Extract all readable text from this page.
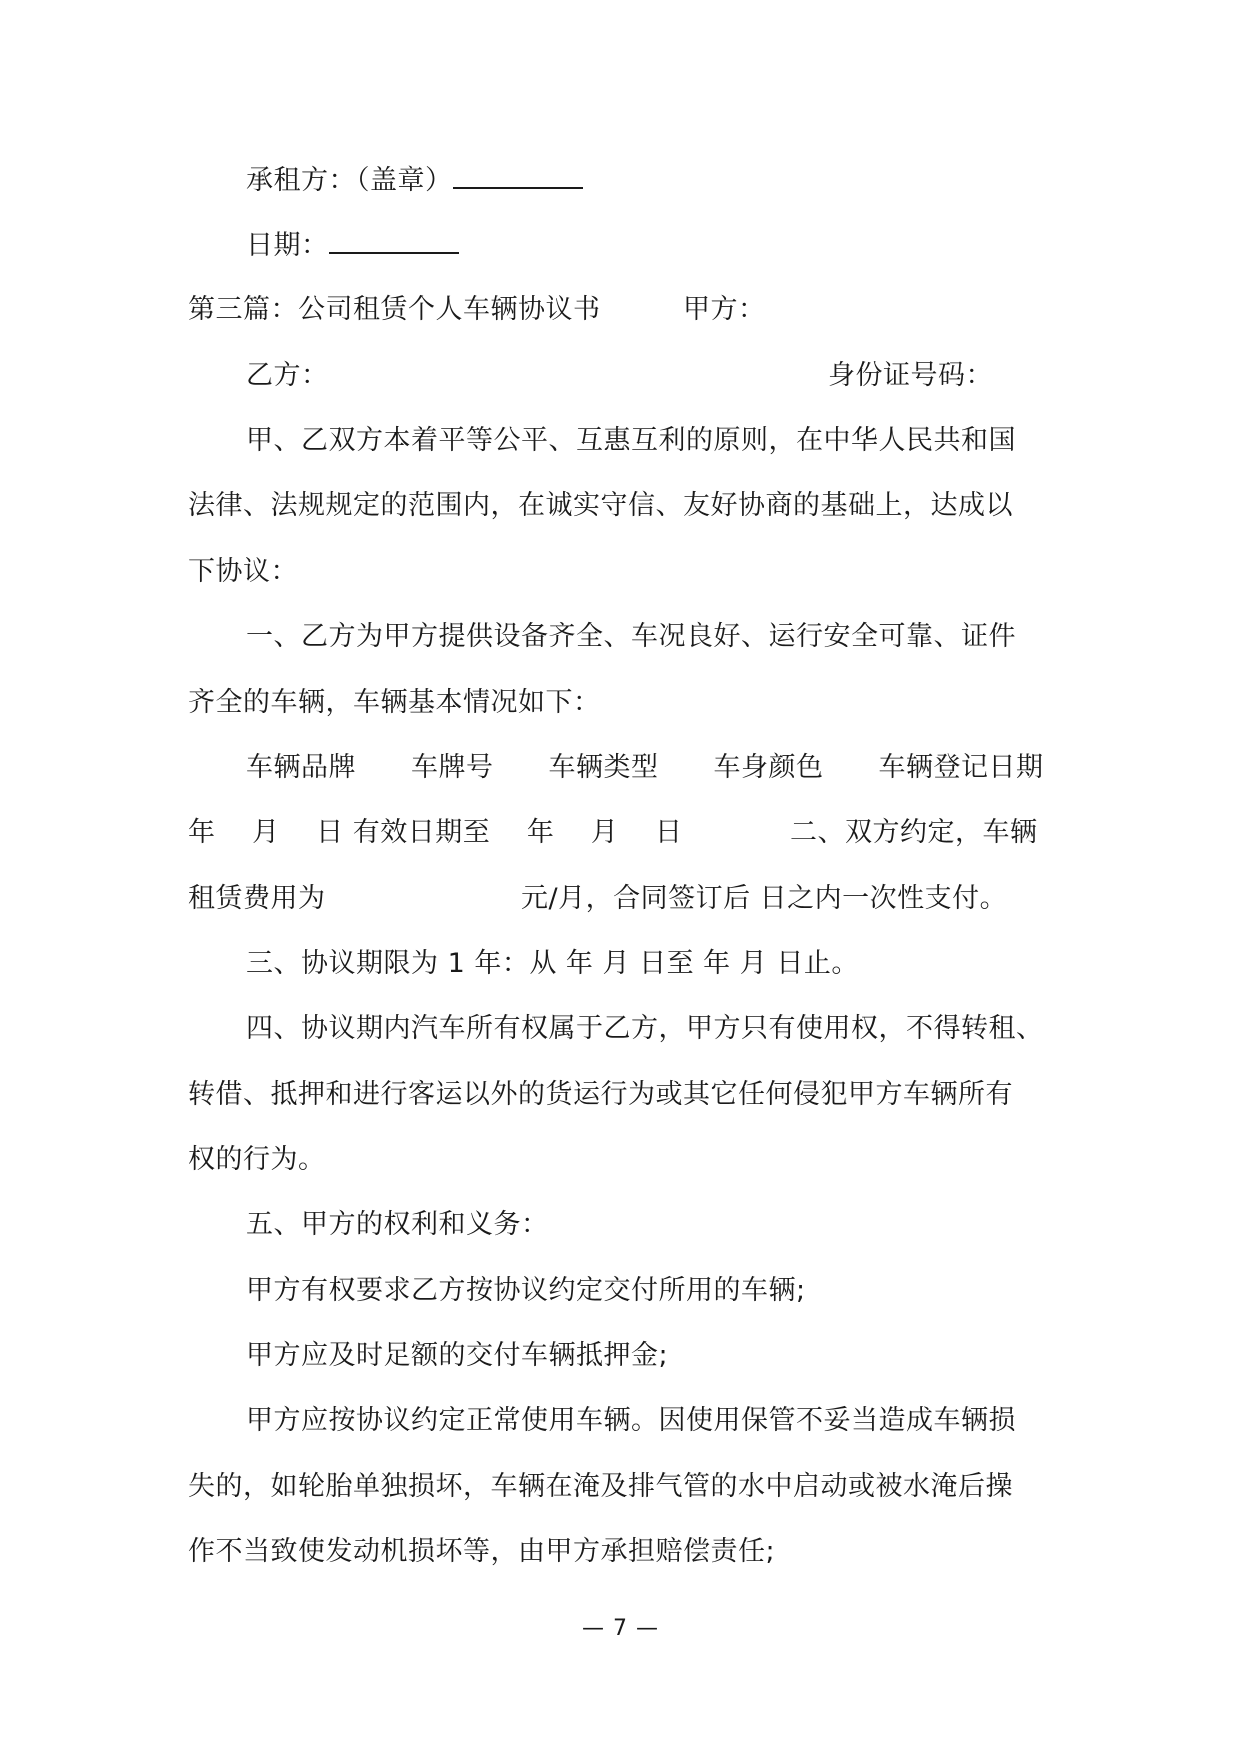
承租方：（盖章）
日期：
第三篇：公司租赁个人车辆协议书	甲方：
乙方：	身份证号码：
甲、乙双方本着平等公平、互惠互利的原则，在中华人民共和国
法律、法规规定的范围内，在诚实守信、友好协商的基础上，达成以
下协议：
一、乙方为甲方提供设备齐全、车况良好、运行安全可靠、证件
齐全的车辆，车辆基本情况如下：
车辆品牌　　车牌号　　车辆类型　　车身颜色　　车辆登记日期
年　 月　 日 有效日期至　 年　 月　 日	二、双方约定，车辆
租赁费用为	元/月，合同签订后 日之内一次性支付。
三、协议期限为 1 年：从 年 月 日至 年 月 日止。
四、协议期内汽车所有权属于乙方，甲方只有使用权，不得转租、
转借、抵押和进行客运以外的货运行为或其它任何侵犯甲方车辆所有
权的行为。
五、甲方的权利和义务：
甲方有权要求乙方按协议约定交付所用的车辆;
甲方应及时足额的交付车辆抵押金;
甲方应按协议约定正常使用车辆。因使用保管不妥当造成车辆损
失的，如轮胎单独损坏，车辆在淹及排气管的水中启动或被水淹后操
作不当致使发动机损坏等，由甲方承担赔偿责任;
— 7 —
